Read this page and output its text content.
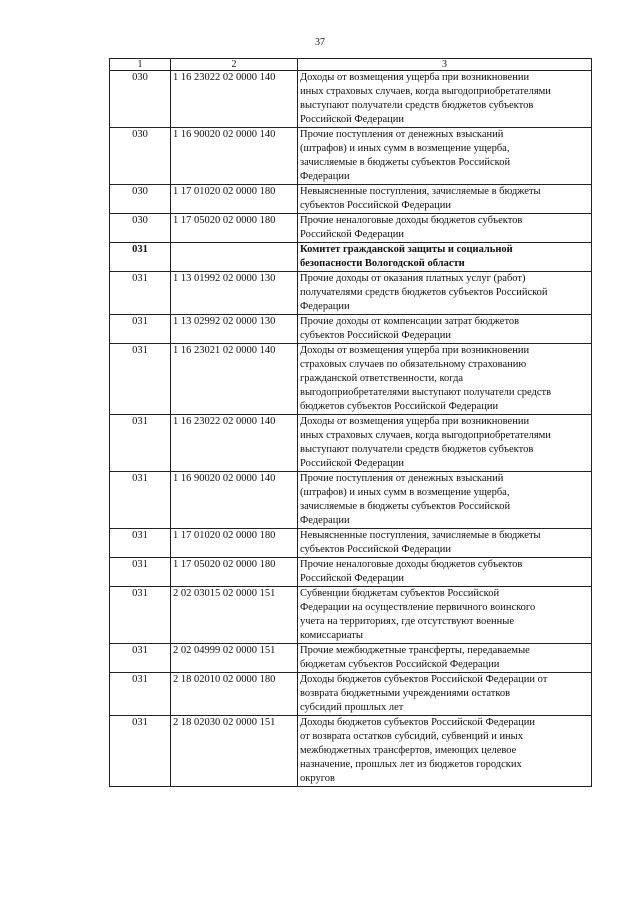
37
1	2	3
030	1 16 23022 02 0000 140	Доходы от возмещения ущерба при возникновении
иных страховых случаев, когда выгодоприобретателями
выступают получатели средств бюджетов субъектов
Российской Федерации

030	1 16 90020 02 0000 140	Прочие поступления от денежных взысканий
(штрафов) и иных сумм в возмещение ущерба,
зачисляемые в бюджеты субъектов Российской
Федерации

030	1 17 01020 02 0000 180	Невыясненные поступления, зачисляемые в бюджеты
субъектов Российской Федерации

030	1 17 05020 02 0000 180	Прочие неналоговые доходы бюджетов субъектов
Российской Федерации

031		Комитет гражданской защиты и социальной
безопасности Вологодской области

031	1 13 01992 02 0000 130	Прочие доходы от оказания платных услуг (работ)
получателями средств бюджетов субъектов Российской
Федерации

031	1 13 02992 02 0000 130	Прочие доходы от компенсации затрат бюджетов
субъектов Российской Федерации

031	1 16 23021 02 0000 140	Доходы от возмещения ущерба при возникновении
страховых случаев по обязательному страхованию
гражданской ответственности, когда
выгодоприобретателями выступают получатели средств
бюджетов субъектов Российской Федерации

031	1 16 23022 02 0000 140	Доходы от возмещения ущерба при возникновении
иных страховых случаев, когда выгодоприобретателями
выступают получатели средств бюджетов субъектов
Российской Федерации

031	1 16 90020 02 0000 140	Прочие поступления от денежных взысканий
(штрафов) и иных сумм в возмещение ущерба,
зачисляемые в бюджеты субъектов Российской
Федерации

031	1 17 01020 02 0000 180	Невыясненные поступления, зачисляемые в бюджеты
субъектов Российской Федерации

031	1 17 05020 02 0000 180	Прочие неналоговые доходы бюджетов субъектов
Российской Федерации

031	2 02 03015 02 0000 151	Субвенции бюджетам субъектов Российской
Федерации на осуществление первичного воинского
учета на территориях, где отсутствуют военные
комиссариаты

031	2 02 04999 02 0000 151	Прочие межбюджетные трансферты, передаваемые
бюджетам субъектов Российской Федерации

031	2 18 02010 02 0000 180	Доходы бюджетов субъектов Российской Федерации от
возврата бюджетными учреждениями остатков
субсидий прошлых лет

031	2 18 02030 02 0000 151	Доходы бюджетов субъектов Российской Федерации
от возврата остатков субсидий, субвенций и иных
межбюджетных трансфертов, имеющих целевое
назначение, прошлых лет из бюджетов городских
округов
